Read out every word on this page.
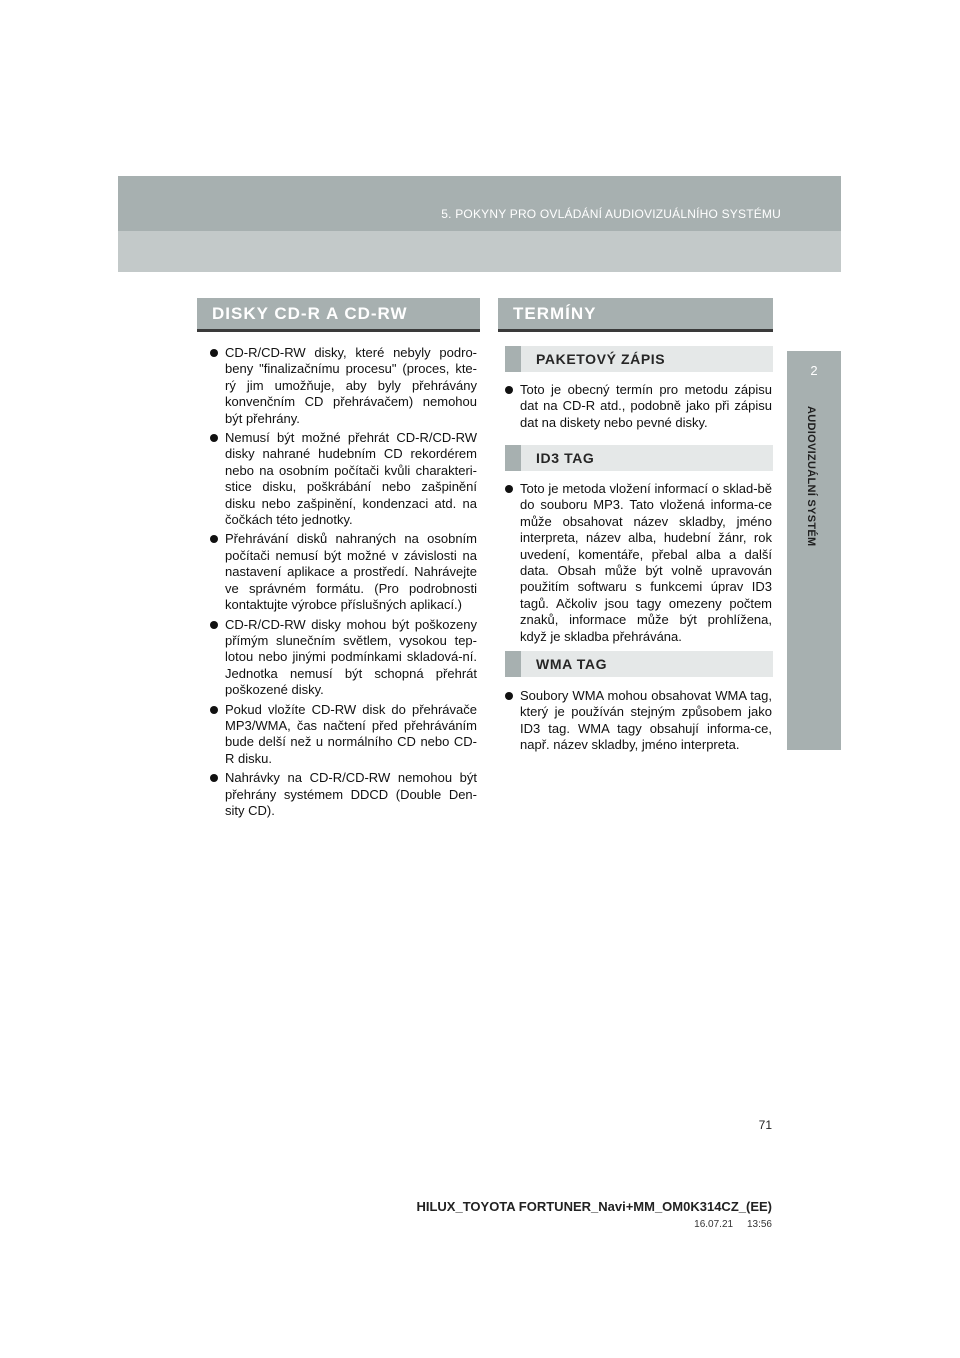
5. POKYNY PRO OVLÁDÁNÍ AUDIOVIZUÁLNÍHO SYSTÉMU
2
AUDIOVIZUÁLNÍ SYSTÉM
DISKY CD-R A CD-RW
CD-R/CD-RW disky, které nebyly podro-beny "finalizačnímu procesu" (proces, kte-rý jim umožňuje, aby byly přehrávány konvenčním CD přehrávačem) nemohou být přehrány.
Nemusí být možné přehrát CD-R/CD-RW disky nahrané hudebním CD rekordérem nebo na osobním počítači kvůli charakteri-stice disku, poškrábání nebo zašpinění disku nebo zašpinění, kondenzaci atd. na čočkách této jednotky.
Přehrávání disků nahraných na osobním počítači nemusí být možné v závislosti na nastavení aplikace a prostředí. Nahrávejte ve správném formátu. (Pro podrobnosti kontaktujte výrobce příslušných aplikací.)
CD-R/CD-RW disky mohou být poškozeny přímým slunečním světlem, vysokou tep-lotou nebo jinými podmínkami skladová-ní. Jednotka nemusí být schopná přehrát poškozené disky.
Pokud vložíte CD-RW disk do přehrávače MP3/WMA, čas načtení před přehráváním bude delší než u normálního CD nebo CD-R disku.
Nahrávky na CD-R/CD-RW nemohou být přehrány systémem DDCD (Double Den-sity CD).
TERMÍNY
PAKETOVÝ ZÁPIS
Toto je obecný termín pro metodu zápisu dat na CD-R atd., podobně jako při zápisu dat na diskety nebo pevné disky.
ID3 TAG
Toto je metoda vložení informací o sklad-bě do souboru MP3. Tato vložená informa-ce může obsahovat název skladby, jméno interpreta, název alba, hudební žánr, rok uvedení, komentáře, přebal alba a další data. Obsah může být volně upravován použitím softwaru s funkcemi úprav ID3 tagů. Ačkoliv jsou tagy omezeny počtem znaků, informace může být prohlížena, když je skladba přehrávána.
WMA TAG
Soubory WMA mohou obsahovat WMA tag, který je používán stejným způsobem jako ID3 tag. WMA tagy obsahují informa-ce, např. název skladby, jméno interpreta.
71
HILUX_TOYOTA FORTUNER_Navi+MM_OM0K314CZ_(EE)
16.07.21     13:56
